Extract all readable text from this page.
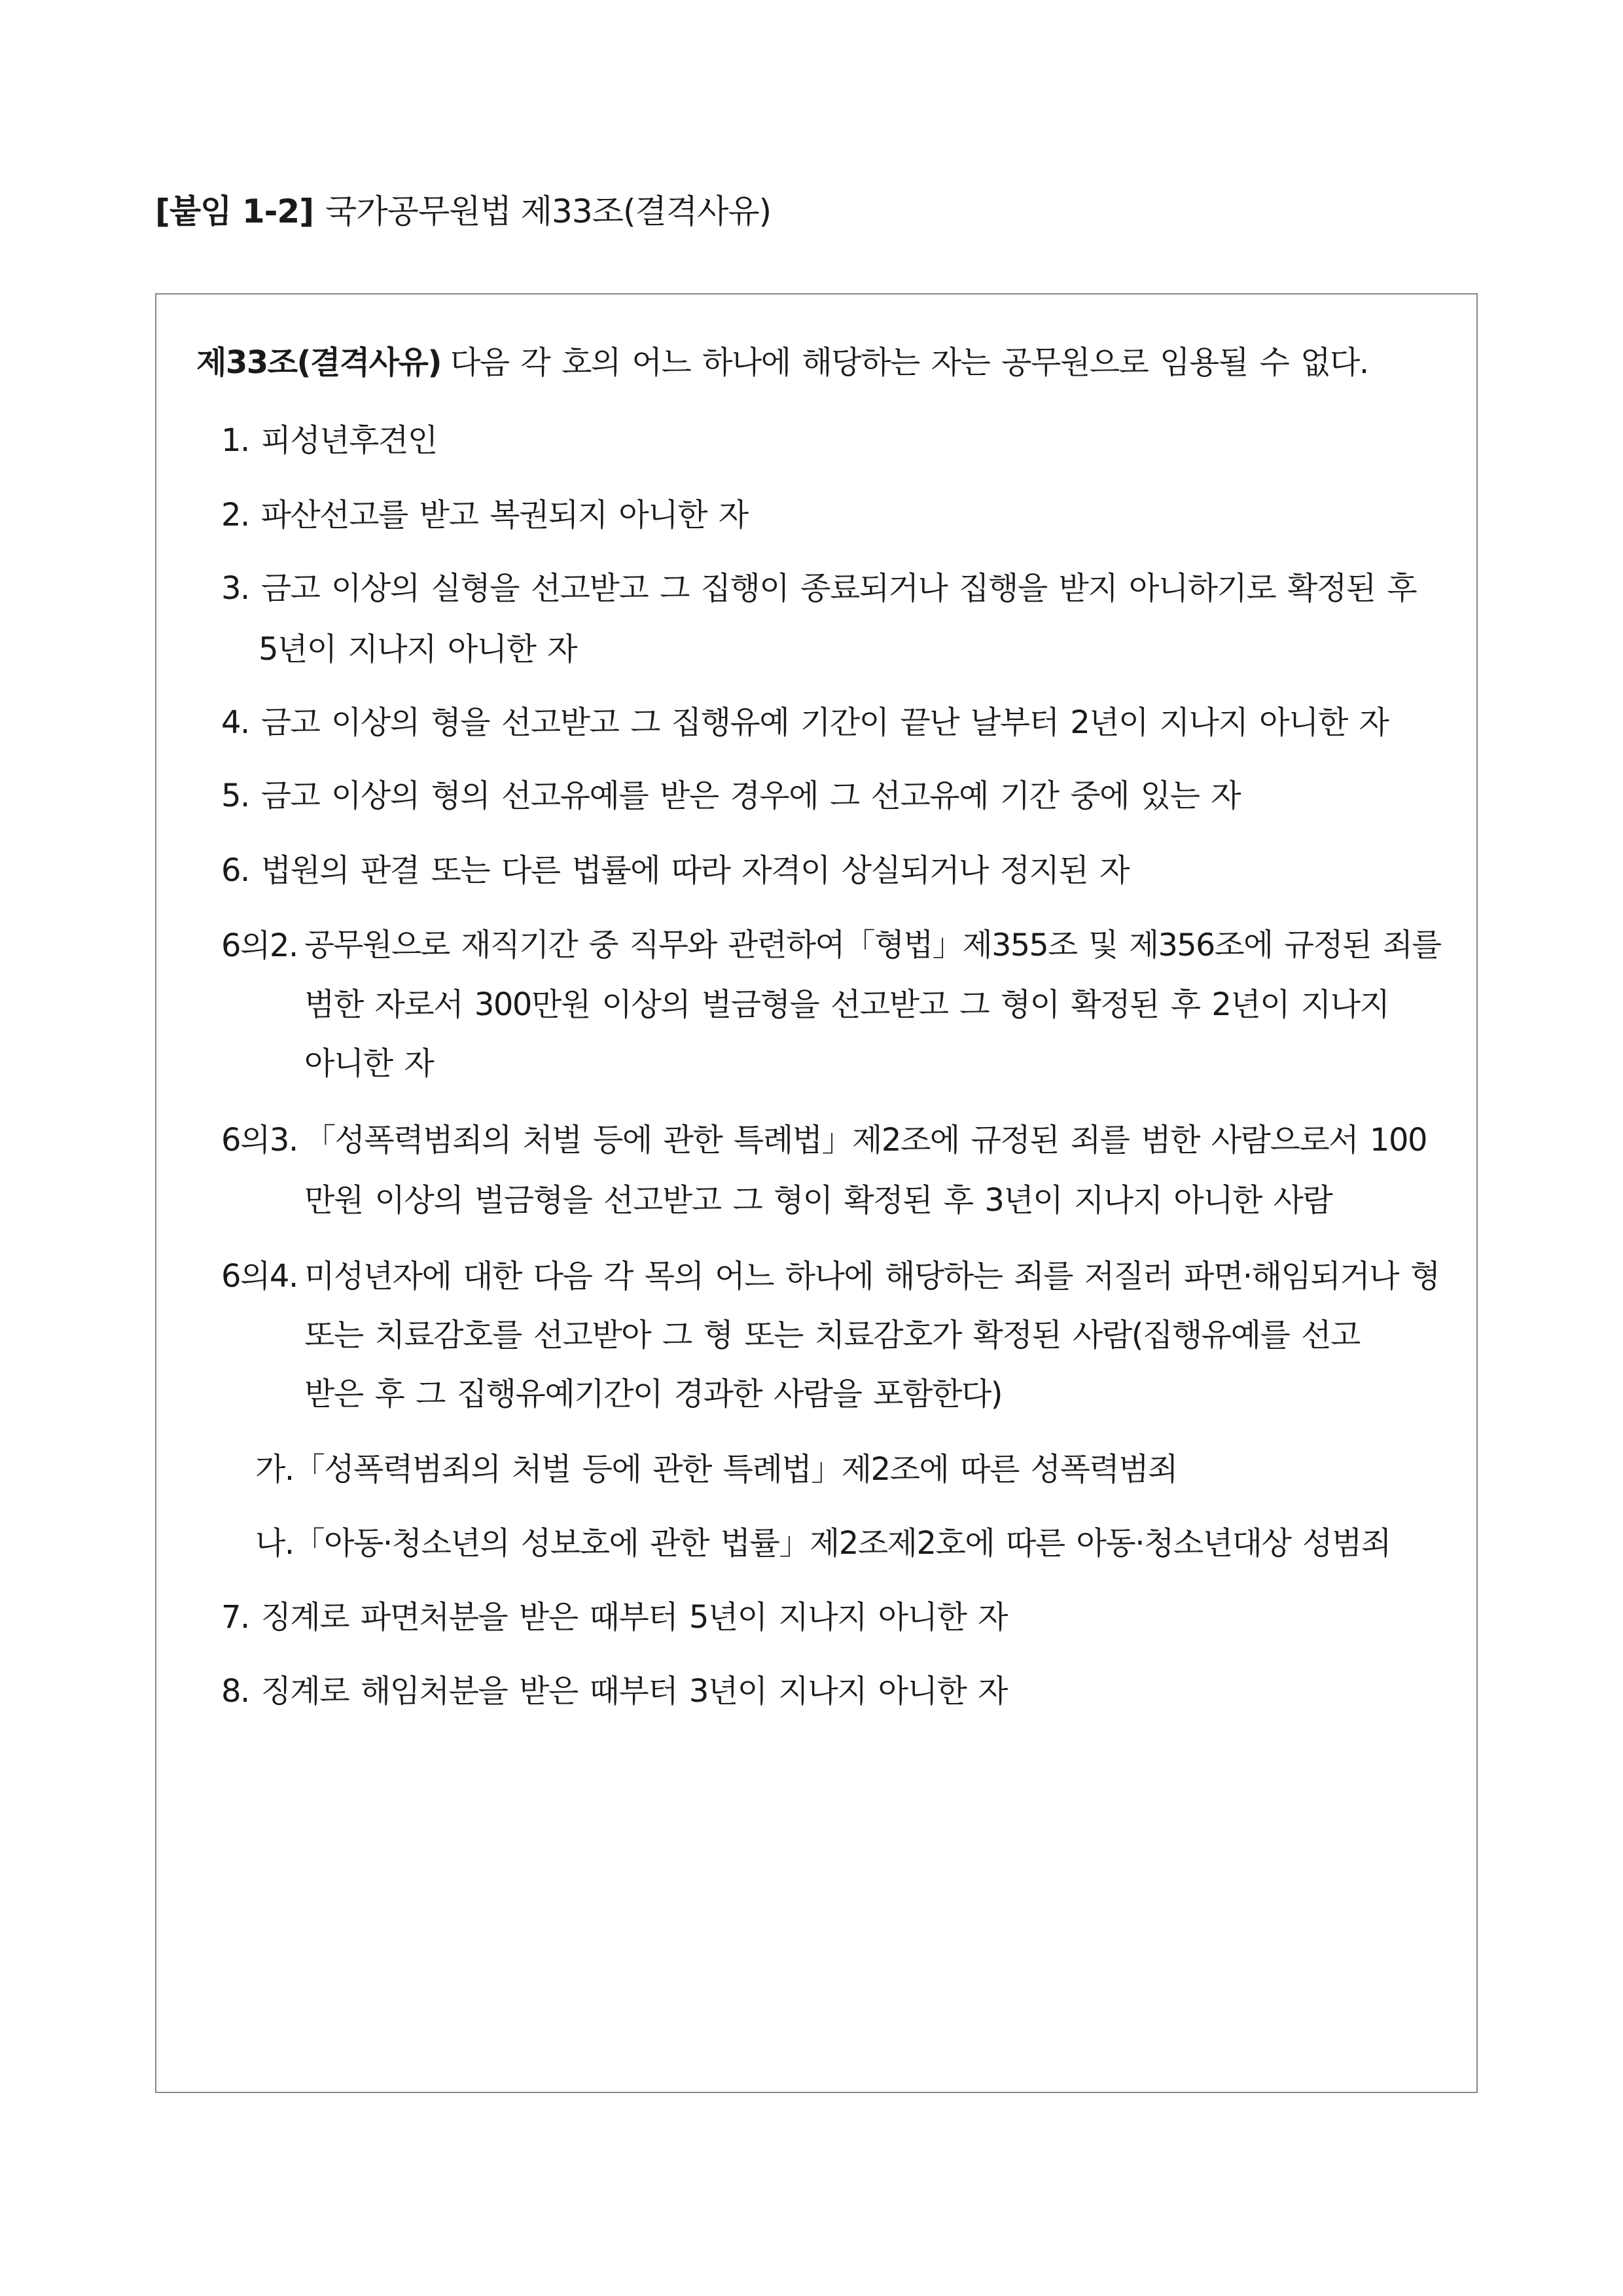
[붙임 1-2] 국가공무원법 제33조(결격사유)
제33조(결격사유) 다음 각 호의 어느 하나에 해당하는 자는 공무원으로 임용될 수 없다.
1. 피성년후견인
2. 파산선고를 받고 복권되지 아니한 자
3. 금고 이상의 실형을 선고받고 그 집행이 종료되거나 집행을 받지 아니하기로 확정된 후
5년이 지나지 아니한 자
4. 금고 이상의 형을 선고받고 그 집행유예 기간이 끝난 날부터 2년이 지나지 아니한 자
5. 금고 이상의 형의 선고유예를 받은 경우에 그 선고유예 기간 중에 있는 자
6. 법원의 판결 또는 다른 법률에 따라 자격이 상실되거나 정지된 자
6의2. 공무원으로 재직기간 중 직무와 관련하여「형법」제355조 및 제356조에 규정된 죄를
범한 자로서 300만원 이상의 벌금형을 선고받고 그 형이 확정된 후 2년이 지나지
아니한 자
6의3. 「성폭력범죄의 처벌 등에 관한 특례법」제2조에 규정된 죄를 범한 사람으로서 100
만원 이상의 벌금형을 선고받고 그 형이 확정된 후 3년이 지나지 아니한 사람
6의4. 미성년자에 대한 다음 각 목의 어느 하나에 해당하는 죄를 저질러 파면·해임되거나 형
또는 치료감호를 선고받아 그 형 또는 치료감호가 확정된 사람(집행유예를 선고
받은 후 그 집행유예기간이 경과한 사람을 포함한다)
가.「성폭력범죄의 처벌 등에 관한 특례법」제2조에 따른 성폭력범죄
나.「아동·청소년의 성보호에 관한 법률」제2조제2호에 따른 아동·청소년대상 성범죄
7. 징계로 파면처분을 받은 때부터 5년이 지나지 아니한 자
8. 징계로 해임처분을 받은 때부터 3년이 지나지 아니한 자
